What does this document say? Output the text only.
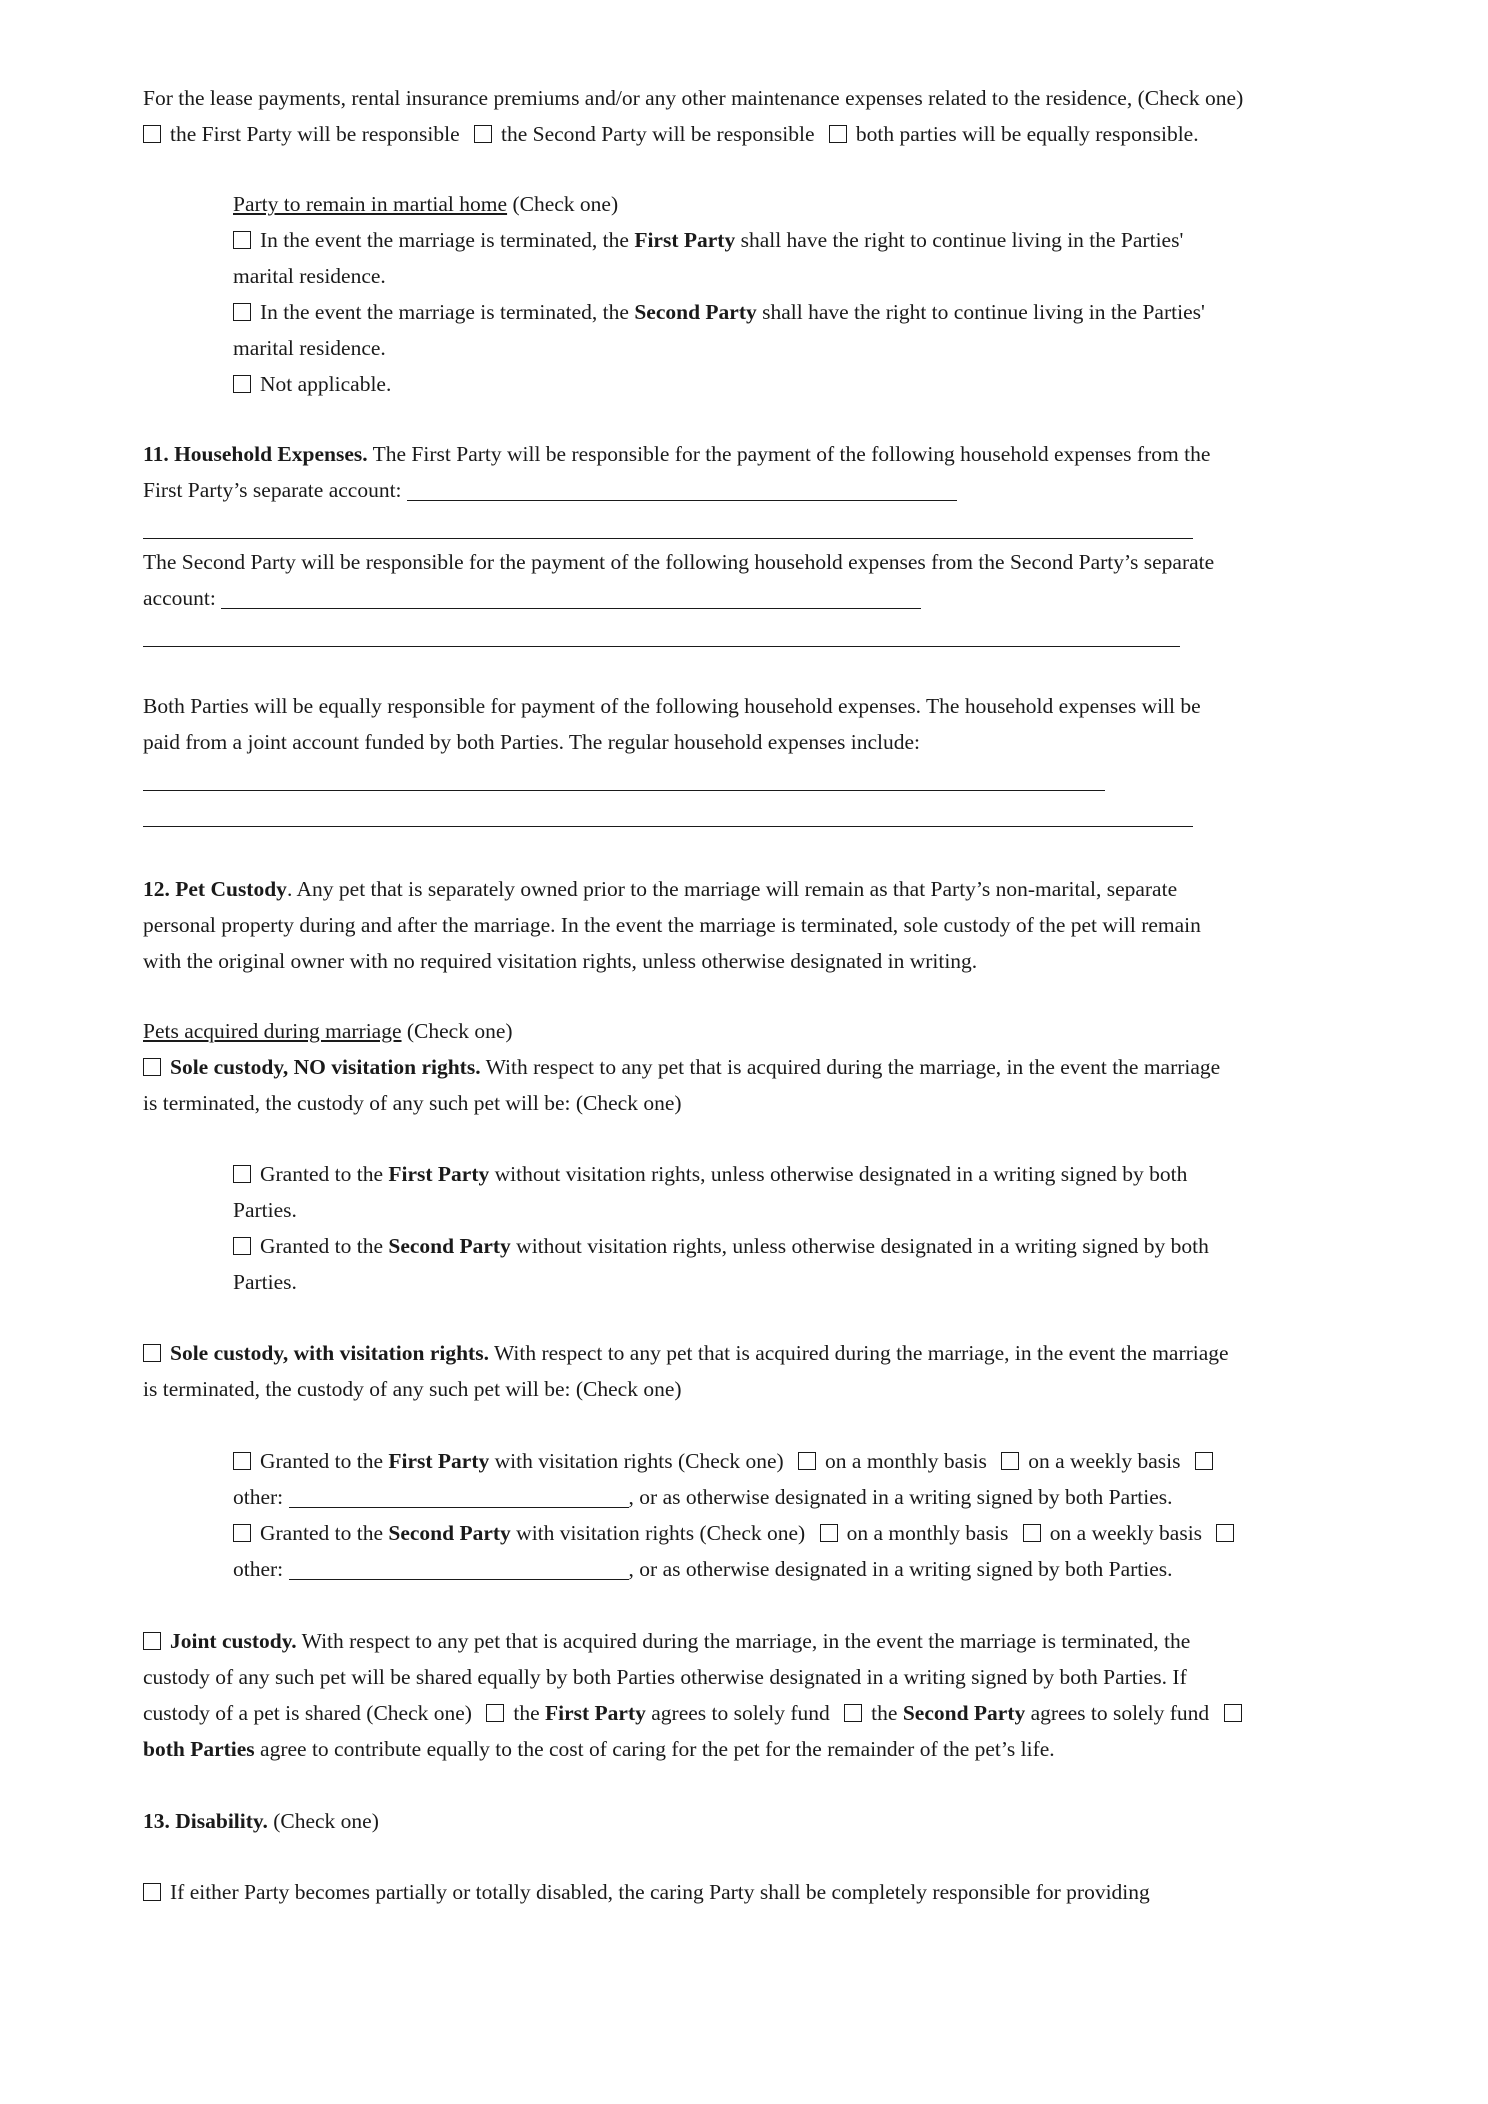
For the lease payments, rental insurance premiums and/or any other maintenance expenses related to the residence, (Check one)
the First Party will be responsible the Second Party will be responsible both parties will be equally responsible.
Party to remain in martial home (Check one)
In the event the marriage is terminated, the First Party shall have the right to continue living in the Parties'
marital residence.
In the event the marriage is terminated, the Second Party shall have the right to continue living in the Parties'
marital residence.
Not applicable.
11. Household Expenses. The First Party will be responsible for the payment of the following household expenses from the
First Party’s separate account:
The Second Party will be responsible for the payment of the following household expenses from the Second Party’s separate
account:
Both Parties will be equally responsible for payment of the following household expenses. The household expenses will be
paid from a joint account funded by both Parties. The regular household expenses include:
12. Pet Custody. Any pet that is separately owned prior to the marriage will remain as that Party’s non-marital, separate
personal property during and after the marriage. In the event the marriage is terminated, sole custody of the pet will remain
with the original owner with no required visitation rights, unless otherwise designated in writing.
Pets acquired during marriage (Check one)
Sole custody, NO visitation rights. With respect to any pet that is acquired during the marriage, in the event the marriage
is terminated, the custody of any such pet will be: (Check one)
Granted to the First Party without visitation rights, unless otherwise designated in a writing signed by both
Parties.
Granted to the Second Party without visitation rights, unless otherwise designated in a writing signed by both
Parties.
Sole custody, with visitation rights. With respect to any pet that is acquired during the marriage, in the event the marriage
is terminated, the custody of any such pet will be: (Check one)
Granted to the First Party with visitation rights (Check one) on a monthly basis on a weekly basis
other:	, or as otherwise designated in a writing signed by both Parties.
Granted to the Second Party with visitation rights (Check one) on a monthly basis on a weekly basis
other:	, or as otherwise designated in a writing signed by both Parties.
Joint custody. With respect to any pet that is acquired during the marriage, in the event the marriage is terminated, the
custody of any such pet will be shared equally by both Parties otherwise designated in a writing signed by both Parties. If
custody of a pet is shared (Check one) the First Party agrees to solely fund the Second Party agrees to solely fund
both Parties agree to contribute equally to the cost of caring for the pet for the remainder of the pet’s life.
13. Disability. (Check one)
If either Party becomes partially or totally disabled, the caring Party shall be completely responsible for providing
